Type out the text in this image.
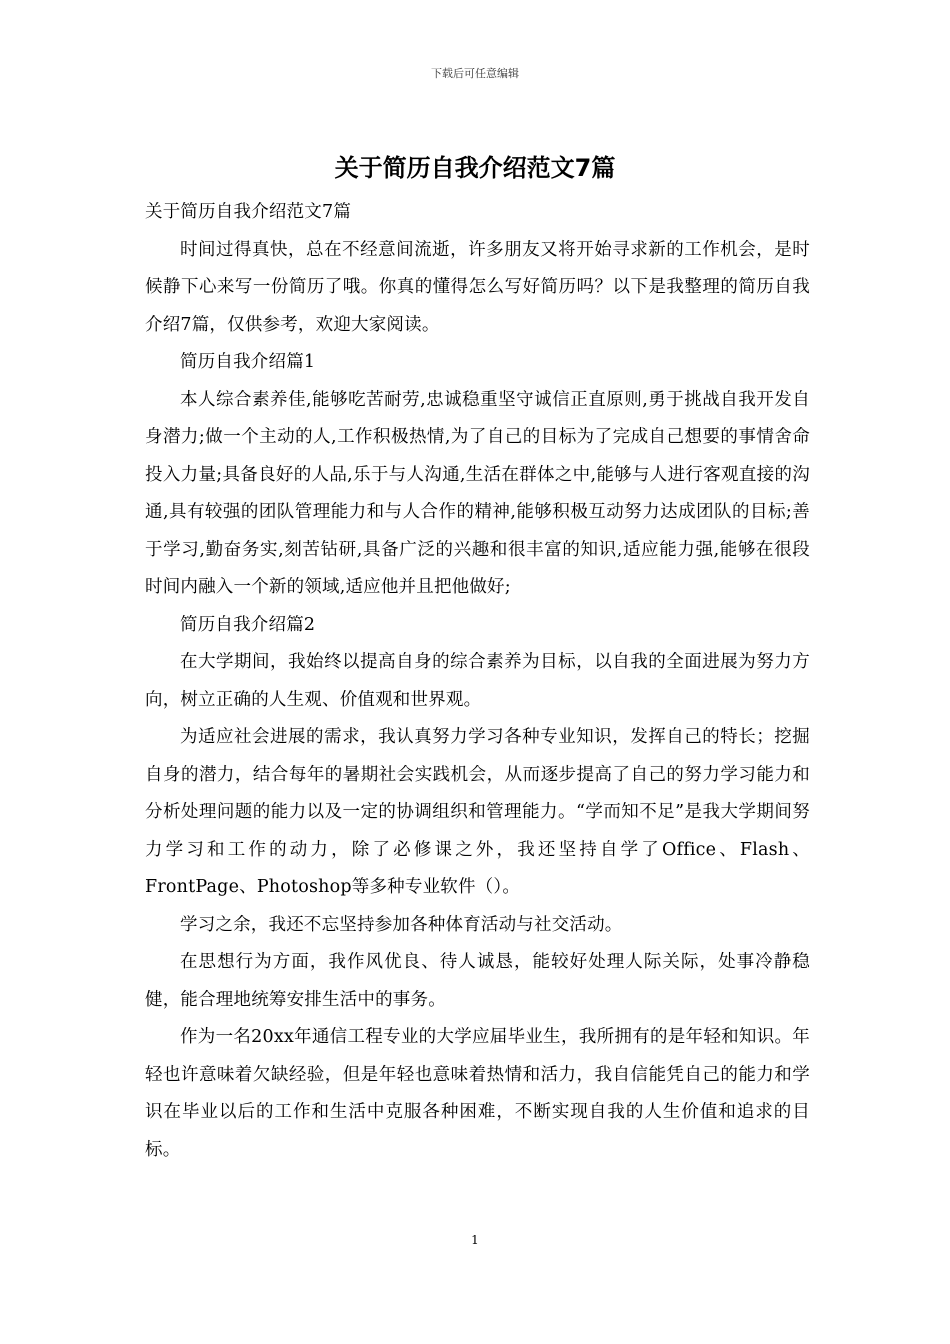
下载后可任意编辑
关于简历自我介绍范文7篇

关于简历自我介绍范文7篇

时间过得真快，总在不经意间流逝，许多朋友又将开始寻求新的工作机会，是时候静下心来写一份简历了哦。你真的懂得怎么写好简历吗？以下是我整理的简历自我介绍7篇，仅供参考，欢迎大家阅读。

简历自我介绍篇1

本人综合素养佳,能够吃苦耐劳,忠诚稳重坚守诚信正直原则,勇于挑战自我开发自身潜力;做一个主动的人,工作积极热情,为了自己的目标为了完成自己想要的事情舍命投入力量;具备良好的人品,乐于与人沟通,生活在群体之中,能够与人进行客观直接的沟通,具有较强的团队管理能力和与人合作的精神,能够积极互动努力达成团队的目标;善于学习,勤奋务实,刻苦钻研,具备广泛的兴趣和很丰富的知识,适应能力强,能够在很段时间内融入一个新的领域,适应他并且把他做好;

简历自我介绍篇2

在大学期间，我始终以提高自身的综合素养为目标，以自我的全面进展为努力方向，树立正确的人生观、价值观和世界观。

为适应社会进展的需求，我认真努力学习各种专业知识，发挥自己的特长；挖掘自身的潜力，结合每年的暑期社会实践机会，从而逐步提高了自己的努力学习能力和分析处理问题的能力以及一定的协调组织和管理能力。“学而知不足”是我大学期间努力学习和工作的动力，除了必修课之外，我还坚持自学了Office、Flash、FrontPage、Photoshop等多种专业软件（）。

学习之余，我还不忘坚持参加各种体育活动与社交活动。

在思想行为方面，我作风优良、待人诚恳，能较好处理人际关际，处事冷静稳健，能合理地统筹安排生活中的事务。

作为一名20xx年通信工程专业的大学应届毕业生，我所拥有的是年轻和知识。年轻也许意味着欠缺经验，但是年轻也意味着热情和活力，我自信能凭自己的能力和学识在毕业以后的工作和生活中克服各种困难，不断实现自我的人生价值和追求的目标。

1
